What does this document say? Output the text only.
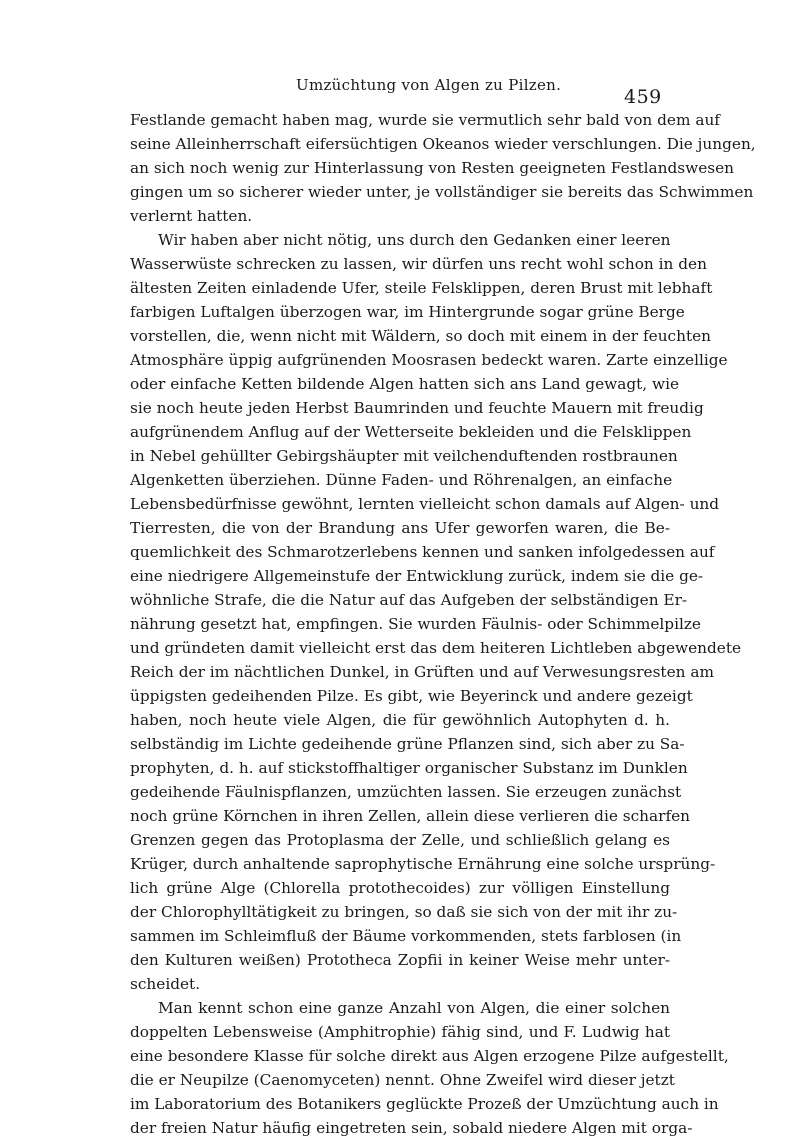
Umzüchtung von Algen zu Pilzen.
459
Festlande gemacht haben mag, wurde sie vermutlich sehr bald von dem auf
seine Alleinherrschaft eifersüchtigen Okeanos wieder verschlungen. Die jungen,
an sich noch wenig zur Hinterlassung von Resten geeigneten Festlandswesen
gingen um so sicherer wieder unter, je vollständiger sie bereits das Schwimmen
verlernt hatten.
Wir haben aber nicht nötig, uns durch den Gedanken einer leeren
Wasserwüste schrecken zu lassen, wir dürfen uns recht wohl schon in den
ältesten Zeiten einladende Ufer, steile Felsklippen, deren Brust mit lebhaft
farbigen Luftalgen überzogen war, im Hintergrunde sogar grüne Berge
vorstellen, die, wenn nicht mit Wäldern, so doch mit einem in der feuchten
Atmosphäre üppig aufgrünenden Moosrasen bedeckt waren. Zarte einzellige
oder einfache Ketten bildende Algen hatten sich ans Land gewagt, wie
sie noch heute jeden Herbst Baumrinden und feuchte Mauern mit freudig
aufgrünendem Anflug auf der Wetterseite bekleiden und die Felsklippen
in Nebel gehüllter Gebirgshäupter mit veilchenduftenden rostbraunen
Algenketten überziehen. Dünne Faden- und Röhrenalgen, an einfache
Lebensbedürfnisse gewöhnt, lernten vielleicht schon damals auf Algen- und
Tierresten, die von der Brandung ans Ufer geworfen waren, die Be-
quemlichkeit des Schmarotzerlebens kennen und sanken infolgedessen auf
eine niedrigere Allgemeinstufe der Entwicklung zurück, indem sie die ge-
wöhnliche Strafe, die die Natur auf das Aufgeben der selbständigen Er-
nährung gesetzt hat, empfingen. Sie wurden Fäulnis- oder Schimmelpilze
und gründeten damit vielleicht erst das dem heiteren Lichtleben abgewendete
Reich der im nächtlichen Dunkel, in Grüften und auf Verwesungsresten am
üppigsten gedeihenden Pilze. Es gibt, wie Beyerinck und andere gezeigt
haben, noch heute viele Algen, die für gewöhnlich Autophyten d. h.
selbständig im Lichte gedeihende grüne Pflanzen sind, sich aber zu Sa-
prophyten, d. h. auf stickstoffhaltiger organischer Substanz im Dunklen
gedeihende Fäulnispflanzen, umzüchten lassen. Sie erzeugen zunächst
noch grüne Körnchen in ihren Zellen, allein diese verlieren die scharfen
Grenzen gegen das Protoplasma der Zelle, und schließlich gelang es
Krüger, durch anhaltende saprophytische Ernährung eine solche ursprüng-
lich grüne Alge (Chlorella protothecoides) zur völligen Einstellung
der Chlorophylltätigkeit zu bringen, so daß sie sich von der mit ihr zu-
sammen im Schleimfluß der Bäume vorkommenden, stets farblosen (in
den Kulturen weißen) Prototheca Zopfii in keiner Weise mehr unter-
scheidet.
Man kennt schon eine ganze Anzahl von Algen, die einer solchen
doppelten Lebensweise (Amphitrophie) fähig sind, und F. Ludwig hat
eine besondere Klasse für solche direkt aus Algen erzogene Pilze aufgestellt,
die er Neupilze (Caenomyceten) nennt. Ohne Zweifel wird dieser jetzt
im Laboratorium des Botanikers geglückte Prozeß der Umzüchtung auch in
der freien Natur häufig eingetreten sein, sobald niedere Algen mit orga-
